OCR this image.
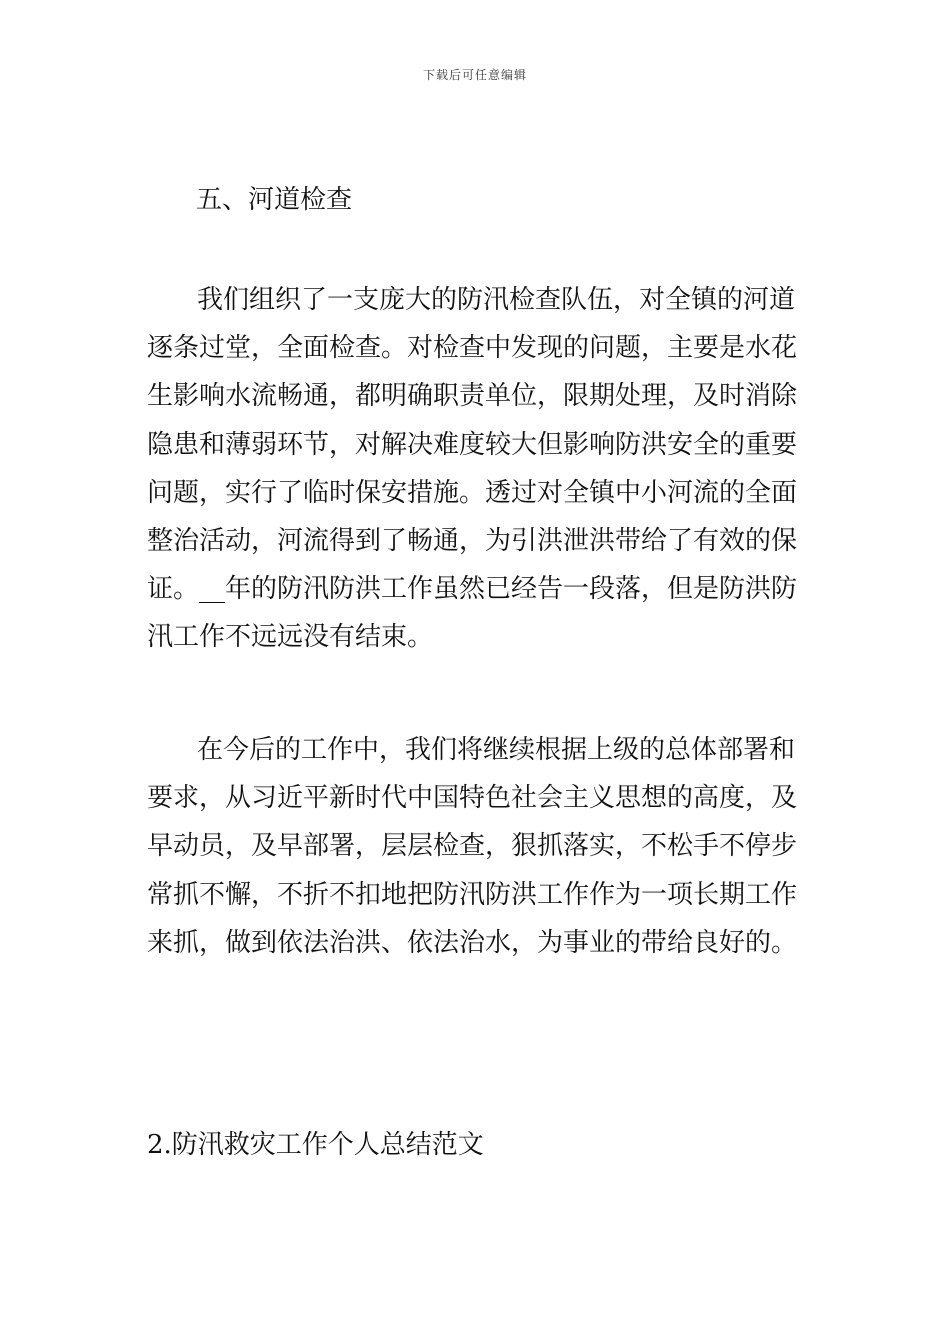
下载后可任意编辑
五、河道检查

我们组织了一支庞大的防汛检查队伍，对全镇的河道
逐条过堂，全面检查。对检查中发现的问题，主要是水花
生影响水流畅通，都明确职责单位，限期处理，及时消除
隐患和薄弱环节，对解决难度较大但影响防洪安全的重要
问题，实行了临时保安措施。透过对全镇中小河流的全面
整治活动，河流得到了畅通，为引洪泄洪带给了有效的保
证。__年的防汛防洪工作虽然已经告一段落，但是防洪防
汛工作不远远没有结束。

在今后的工作中，我们将继续根据上级的总体部署和
要求，从习近平新时代中国特色社会主义思想的高度，及
早动员，及早部署，层层检查，狠抓落实，不松手不停步
常抓不懈，不折不扣地把防汛防洪工作作为一项长期工作
来抓，做到依法治洪、依法治水，为事业的带给良好的。

2.防汛救灾工作个人总结范文
